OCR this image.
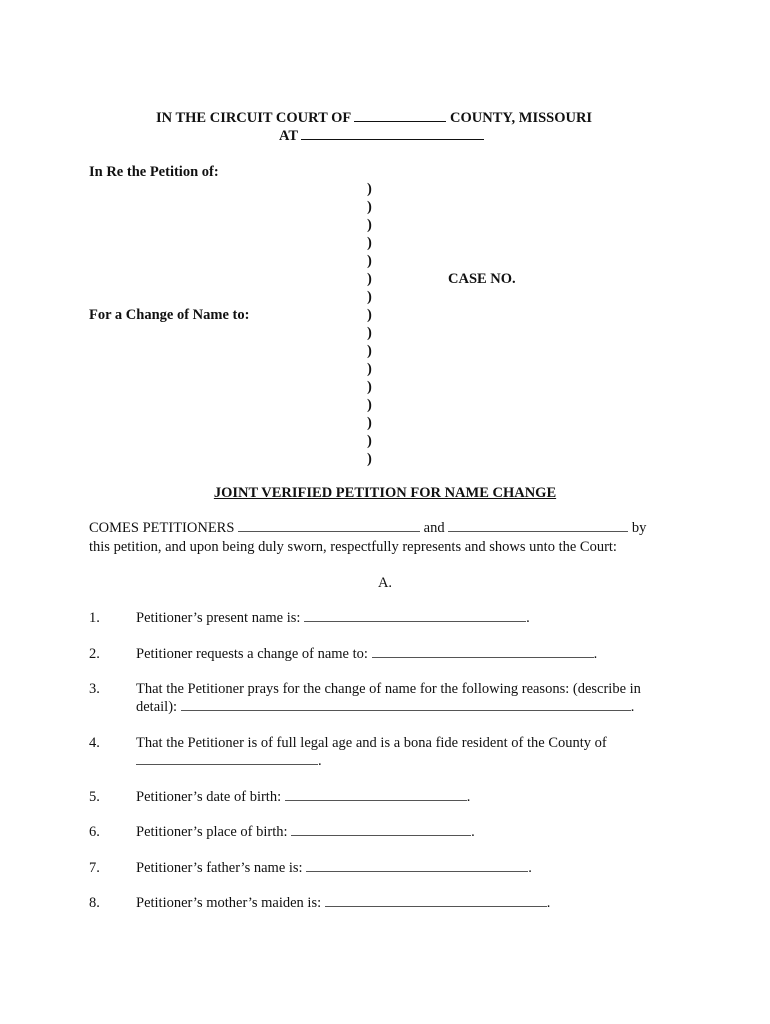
IN THE CIRCUIT COURT OF	COUNTY, MISSOURI
AT
In Re the Petition of:
For a Change of Name to:
CASE NO.
)
)
)
)
)
)
)
)
)
)
)
)
)
)
)
)
JOINT VERIFIED PETITION FOR NAME CHANGE
COMES PETITIONERS	and	by
this petition, and upon being duly sworn, respectfully represents and shows unto the Court:
A.
1. Petitioner’s present name is:	.
2. Petitioner requests a change of name to:	.
3. That the Petitioner prays for the change of name for the following reasons: (describe in
detail):	.
4. That the Petitioner is of full legal age and is a bona fide resident of the County of
.
5. Petitioner’s date of birth:	.
6. Petitioner’s place of birth:	.
7. Petitioner’s father’s name is:	.
8. Petitioner’s mother’s maiden is:	.
